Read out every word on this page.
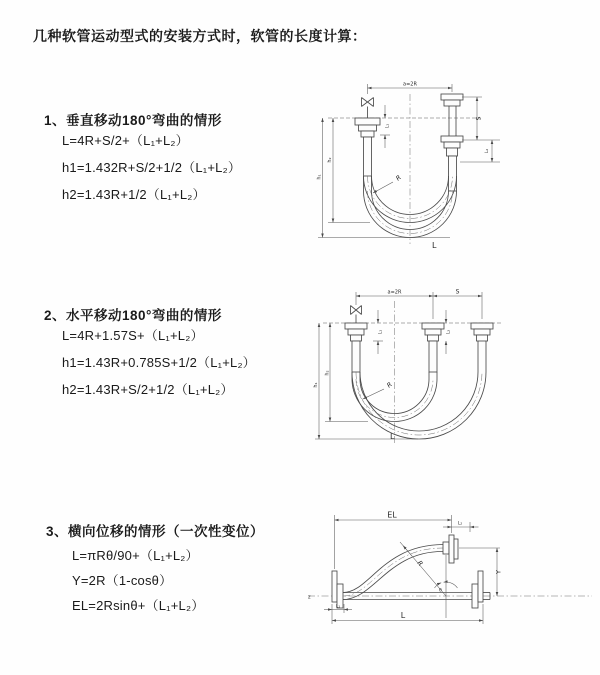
几种软管运动型式的安装方式时，软管的长度计算：
1、垂直移动180°弯曲的情形
L=4R+S/2+（L₁+L₂）
h1=1.432R+S/2+1/2（L₁+L₂）
h2=1.43R+1/2（L₁+L₂）
2、水平移动180°弯曲的情形
L=4R+1.57S+（L₁+L₂）
h1=1.43R+0.785S+1/2（L₁+L₂）
h2=1.43R+S/2+1/2（L₁+L₂）
3、横向位移的情形（一次性变位）
L=πRθ/90+（L₁+L₂）
Y=2R（1-cosθ）
EL=2Rsinθ+（L₁+L₂）
a=2R
h₁
h₂
L₁
S
L₂
R
L
a=2R	S
h₁
h₂
L₁	L₂
R
L
z
EL
L₂
Y
θ
R
L
L₁
